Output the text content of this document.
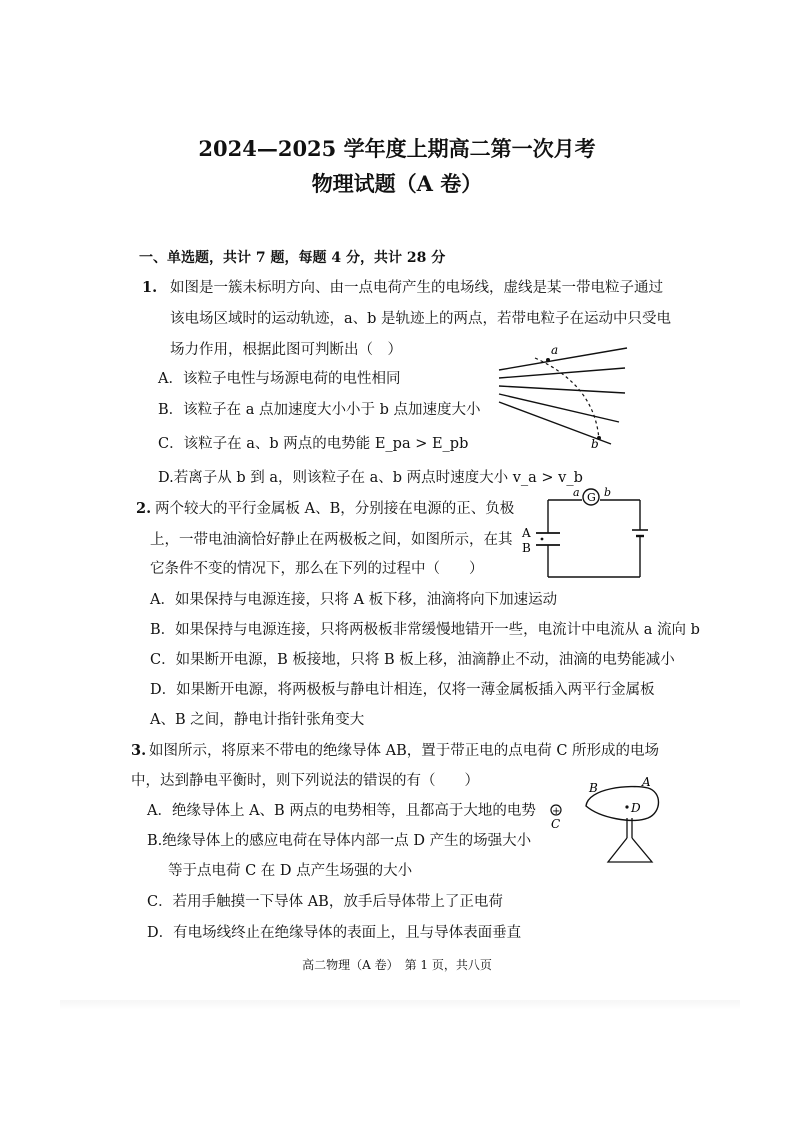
2024—2025 学年度上期高二第一次月考
物理试题（A 卷）
一、单选题，共计 7 题，每题 4 分，共计 28 分
1. 如图是一簇未标明方向、由一点电荷产生的电场线，虚线是某一带电粒子通过
该电场区域时的运动轨迹，a、b 是轨迹上的两点，若带电粒子在运动中只受电
场力作用，根据此图可判断出（　）
A．该粒子电性与场源电荷的电性相同
B．该粒子在 a 点加速度大小小于 b 点加速度大小
C．该粒子在 a、b 两点的电势能 E_pa > E_pb
D.若离子从 b 到 a，则该粒子在 a、b 两点时速度大小 v_a > v_b
a
b
2. 两个较大的平行金属板 A、B，分别接在电源的正、负极
上，一带电油滴恰好静止在两极板之间，如图所示，在其
它条件不变的情况下，那么在下列的过程中（　　）
A．如果保持与电源连接，只将 A 板下移，油滴将向下加速运动
B．如果保持与电源连接，只将两极板非常缓慢地错开一些，电流计中电流从 a 流向 b
C．如果断开电源，B 板接地，只将 B 板上移，油滴静止不动，油滴的电势能减小
D．如果断开电源，将两极板与静电计相连，仅将一薄金属板插入两平行金属板
A、B 之间，静电计指针张角变大
G
a b
A
B
3. 如图所示，将原来不带电的绝缘导体 AB，置于带正电的点电荷 C 所形成的电场
中，达到静电平衡时，则下列说法的错误的有（　　）
A．绝缘导体上 A、B 两点的电势相等，且都高于大地的电势
B.绝缘导体上的感应电荷在导体内部一点 D 产生的场强大小
等于点电荷 C 在 D 点产生场强的大小
C．若用手触摸一下导体 AB，放手后导体带上了正电荷
D．有电场线终止在绝缘导体的表面上，且与导体表面垂直
+
C
D
B	A
高二物理（A 卷）　第 1 页，共八页
